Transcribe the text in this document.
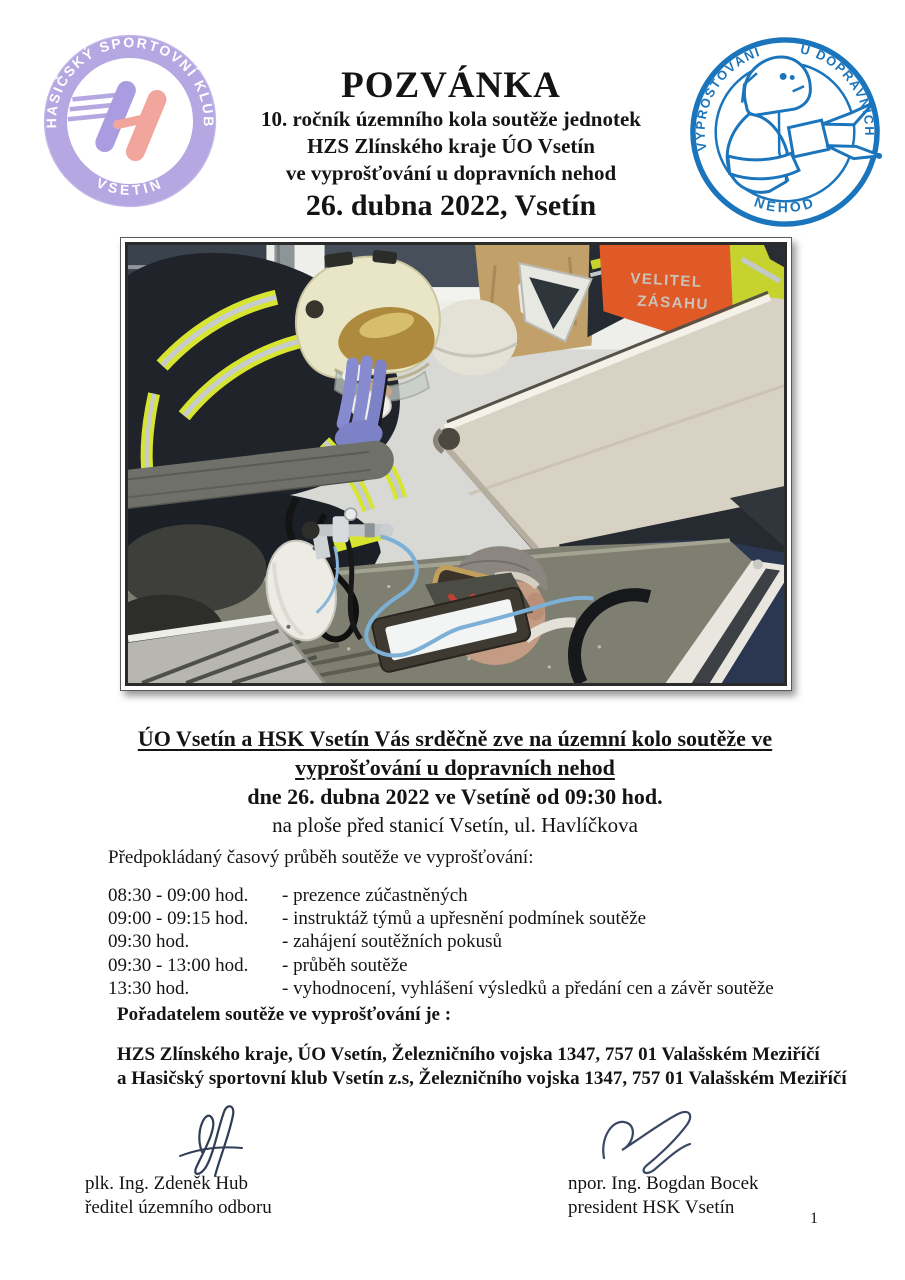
HASIČSKÝ SPORTOVNÍ KLUB
VSETÍN
POZVÁNKA
10. ročník územního kola soutěže jednotek
HZS Zlínského kraje ÚO Vsetín
ve vyprošťování u dopravních nehod
26. dubna 2022, Vsetín
VYPROŠŤOVÁNÍ	U DOPRAVNÍCH
NEHOD
VELITEL
ZÁSAHU
ÚO Vsetín a HSK Vsetín Vás srděčně zve na územní kolo soutěže ve
vyprošťování u dopravních nehod
dne 26. dubna 2022 ve Vsetíně od 09:30 hod.
na ploše před stanicí Vsetín, ul. Havlíčkova
Předpokládaný časový průběh soutěže ve vyprošťování:
08:30 - 09:00 hod.	- prezence zúčastněných
09:00 - 09:15 hod.	- instruktáž týmů a upřesnění podmínek soutěže
09:30 hod.	- zahájení soutěžních pokusů
09:30 - 13:00 hod.	- průběh soutěže
13:30 hod.	- vyhodnocení, vyhlášení výsledků a předání cen a závěr soutěže
Pořadatelem soutěže ve vyprošťování je :
HZS Zlínského kraje, ÚO Vsetín, Železničního vojska 1347, 757 01 Valašském Meziříčí
a Hasičský sportovní klub Vsetín z.s, Železničního vojska 1347, 757 01 Valašském Meziříčí
plk. Ing. Zdeněk Hub
ředitel územního odboru
npor. Ing. Bogdan Bocek
president HSK Vsetín
1
